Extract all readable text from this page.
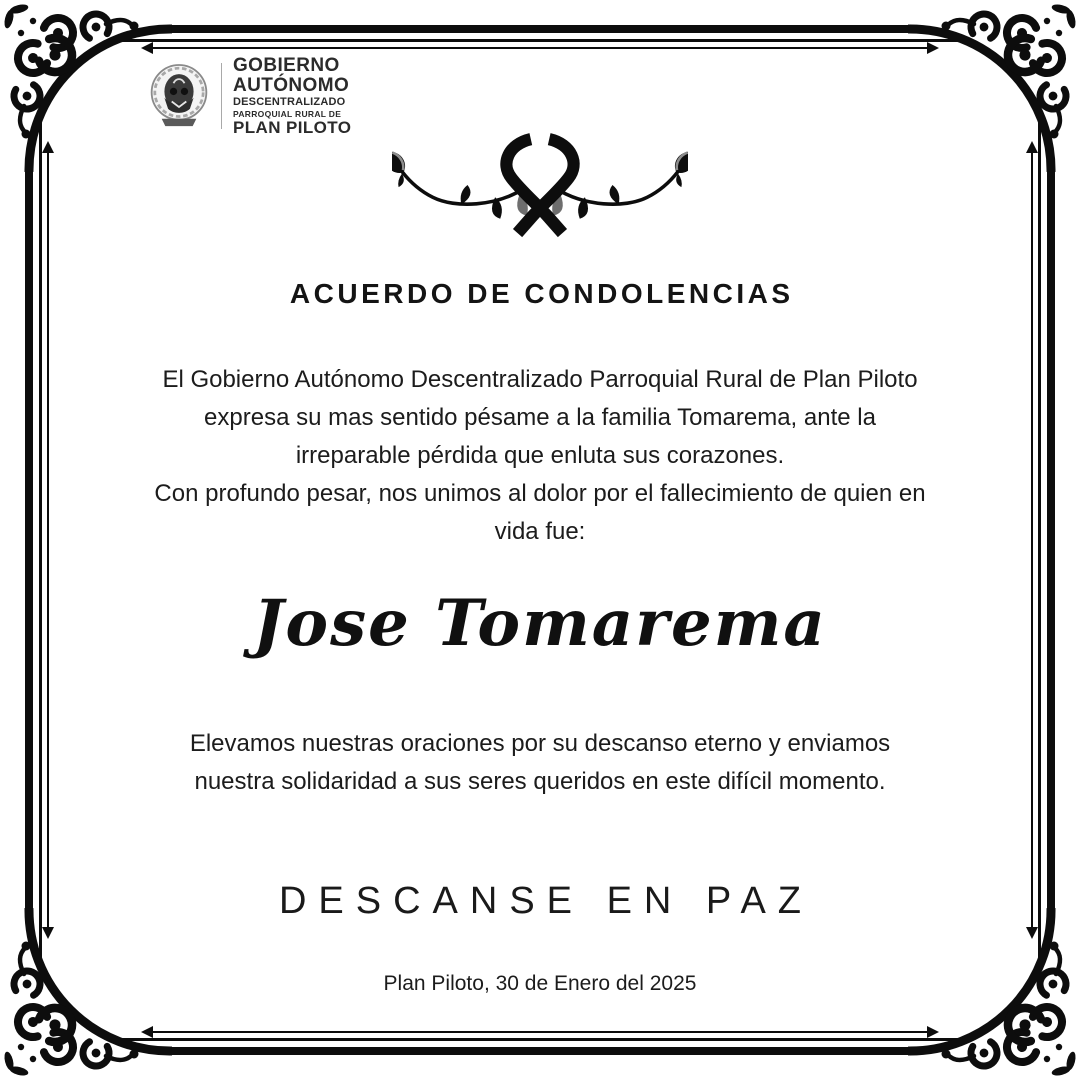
GOBIERNO
AUTÓNOMO
DESCENTRALIZADO
PARROQUIAL RURAL DE
PLAN PILOTO
ACUERDO DE CONDOLENCIAS
El Gobierno Autónomo Descentralizado Parroquial Rural de Plan Piloto
expresa su mas sentido pésame a la familia Tomarema, ante la
irreparable pérdida que enluta sus corazones.
Con profundo pesar, nos unimos al dolor por el fallecimiento de quien en
vida fue:
Jose Tomarema
Elevamos nuestras oraciones por su descanso eterno y enviamos
nuestra solidaridad a sus seres queridos en este difícil momento.
DESCANSE EN PAZ
Plan Piloto, 30 de Enero del 2025
